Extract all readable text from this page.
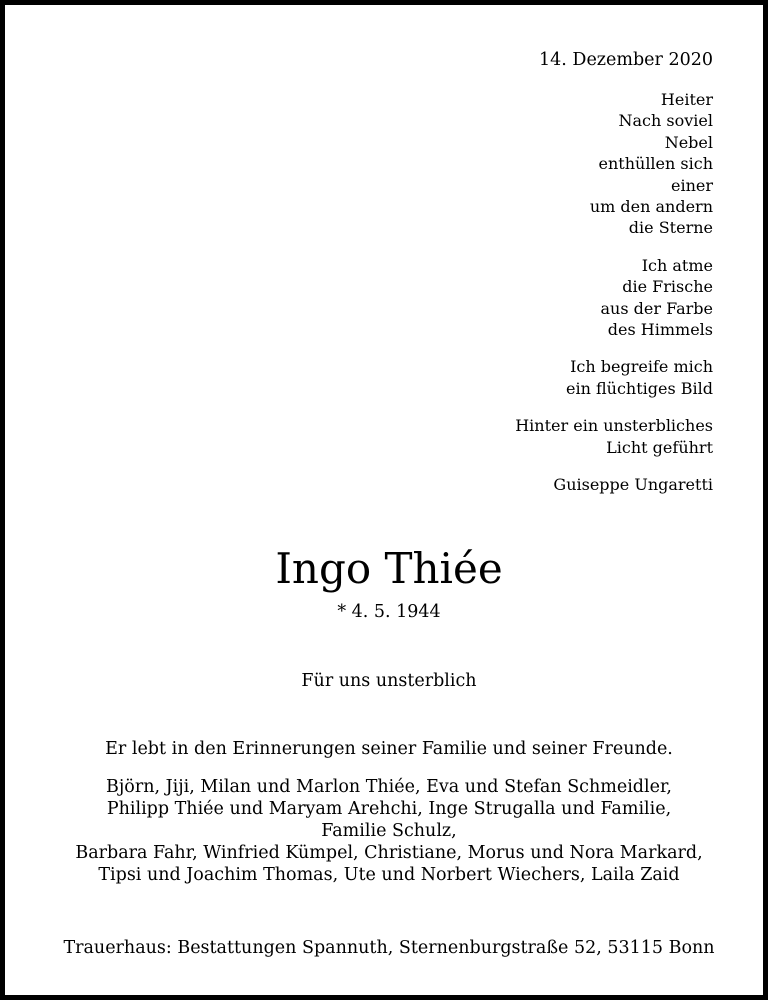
14. Dezember 2020
Heiter
Nach soviel
Nebel
enthüllen sich
einer
um den andern
die Sterne
Ich atme
die Frische
aus der Farbe
des Himmels
Ich begreife mich
ein flüchtiges Bild
Hinter ein unsterbliches
Licht geführt
Guiseppe Ungaretti
Ingo Thiée
* 4. 5. 1944
Für uns unsterblich
Er lebt in den Erinnerungen seiner Familie und seiner Freunde.
Björn, Jiji, Milan und Marlon Thiée, Eva und Stefan Schmeidler,
Philipp Thiée und Maryam Arehchi, Inge Strugalla und Familie,
Familie Schulz,
Barbara Fahr, Winfried Kümpel, Christiane, Morus und Nora Markard,
Tipsi und Joachim Thomas, Ute und Norbert Wiechers, Laila Zaid
Trauerhaus: Bestattungen Spannuth, Sternenburgstraße 52, 53115 Bonn
